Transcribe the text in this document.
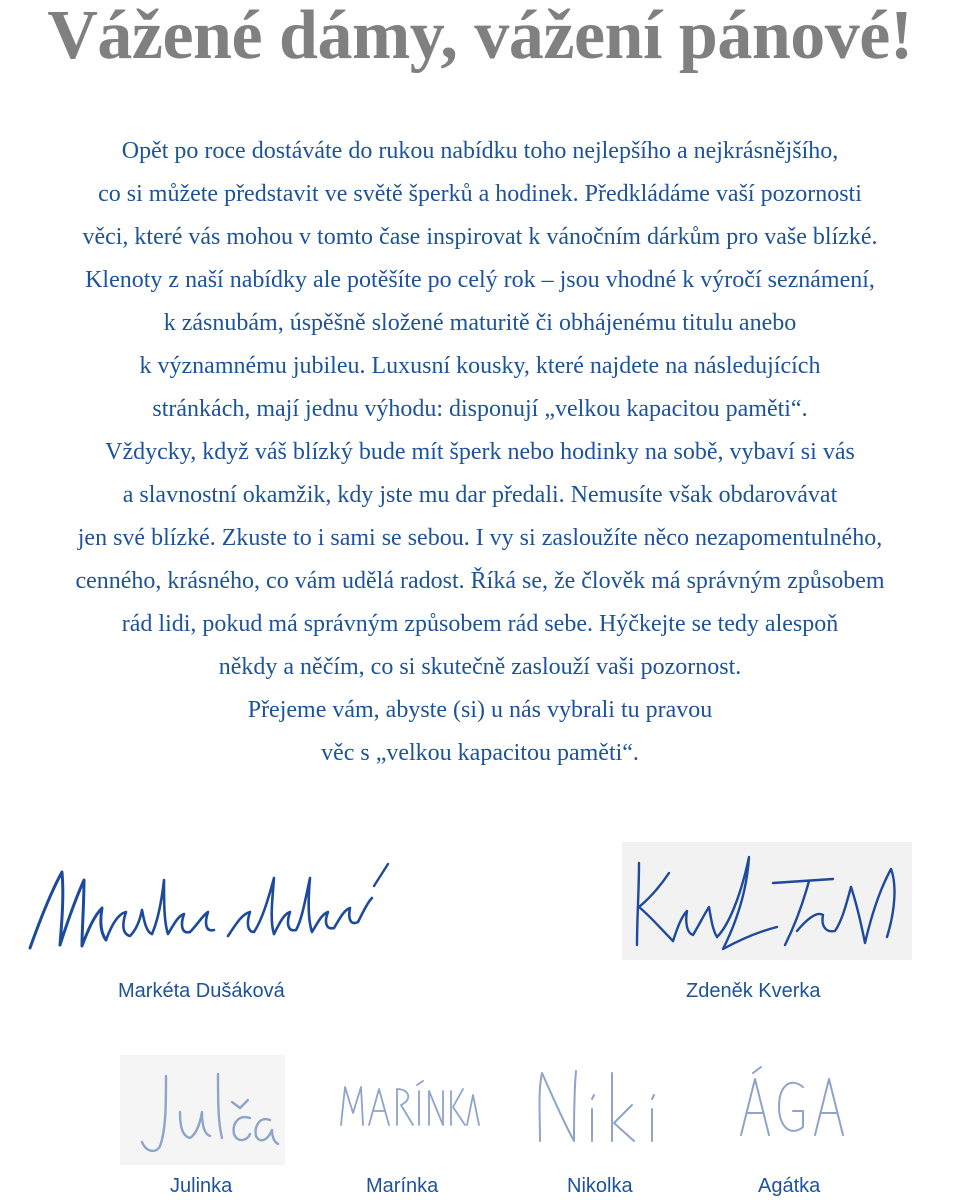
Vážené dámy, vážení pánové!
Opět po roce dostáváte do rukou nabídku toho nejlepšího a nejkrásnějšího,
co si můžete představit ve světě šperků a hodinek. Předkládáme vaší pozornosti
věci, které vás mohou v tomto čase inspirovat k vánočním dárkům pro vaše blízké.
Klenoty z naší nabídky ale potěšíte po celý rok – jsou vhodné k výročí seznámení,
k zásnubám, úspěšně složené maturitě či obhájenému titulu anebo
k významnému jubileu. Luxusní kousky, které najdete na následujících
stránkách, mají jednu výhodu: disponují „velkou kapacitou paměti“.
Vždycky, když váš blízký bude mít šperk nebo hodinky na sobě, vybaví si vás
a slavnostní okamžik, kdy jste mu dar předali. Nemusíte však obdarovávat
jen své blízké. Zkuste to i sami se sebou. I vy si zasloužíte něco nezapomentulného,
cenného, krásného, co vám udělá radost. Říká se, že člověk má správným způsobem
rád lidi, pokud má správným způsobem rád sebe. Hýčkejte se tedy alespoň
někdy a něčím, co si skutečně zaslouží vaši pozornost.
Přejeme vám, abyste (si) u nás vybrali tu pravou
věc s „velkou kapacitou paměti“.
Markéta Dušáková	Zdeněk Kverka
Julinka	Marínka	Nikolka	Agátka
